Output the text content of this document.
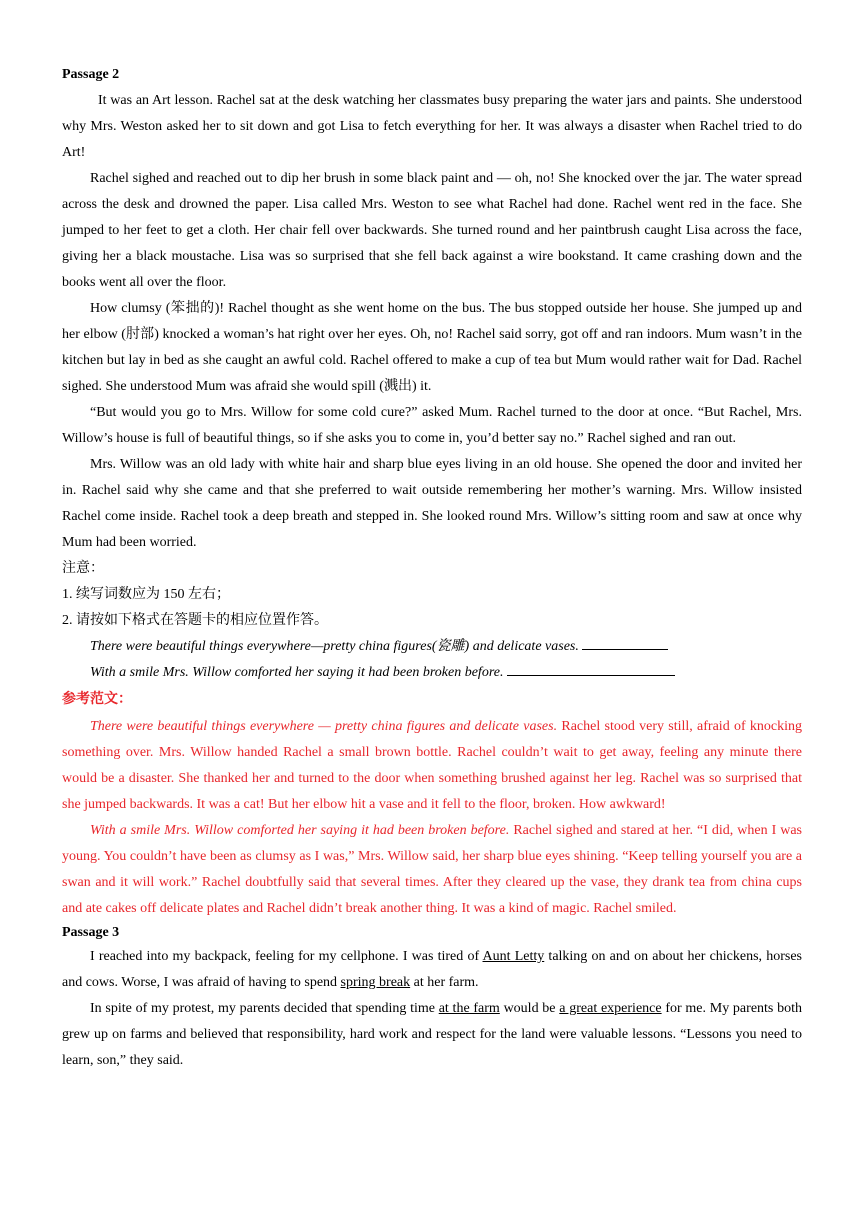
Passage 2

It was an Art lesson. Rachel sat at the desk watching her classmates busy preparing the water jars and paints. She understood why Mrs. Weston asked her to sit down and got Lisa to fetch everything for her. It was always a disaster when Rachel tried to do Art!

Rachel sighed and reached out to dip her brush in some black paint and — oh, no! She knocked over the jar. The water spread across the desk and drowned the paper. Lisa called Mrs. Weston to see what Rachel had done. Rachel went red in the face. She jumped to her feet to get a cloth. Her chair fell over backwards. She turned round and her paintbrush caught Lisa across the face, giving her a black moustache. Lisa was so surprised that she fell back against a wire bookstand. It came crashing down and the books went all over the floor.

How clumsy (笨拙的)! Rachel thought as she went home on the bus. The bus stopped outside her house. She jumped up and her elbow (肘部) knocked a woman’s hat right over her eyes. Oh, no! Rachel said sorry, got off and ran indoors. Mum wasn’t in the kitchen but lay in bed as she caught an awful cold. Rachel offered to make a cup of tea but Mum would rather wait for Dad. Rachel sighed. She understood Mum was afraid she would spill (溅出) it.

“But would you go to Mrs. Willow for some cold cure?” asked Mum. Rachel turned to the door at once. “But Rachel, Mrs. Willow’s house is full of beautiful things, so if she asks you to come in, you’d better say no.” Rachel sighed and ran out.

Mrs. Willow was an old lady with white hair and sharp blue eyes living in an old house. She opened the door and invited her in. Rachel said why she came and that she preferred to wait outside remembering her mother’s warning. Mrs. Willow insisted Rachel come inside. Rachel took a deep breath and stepped in. She looked round Mrs. Willow’s sitting room and saw at once why Mum had been worried.

注意：
1. 续写词数应为 150 左右；
2. 请按如下格式在答题卡的相应位置作答。
There were beautiful things everywhere—pretty china figures(瓷雕) and delicate vases.
With a smile Mrs. Willow comforted her saying it had been broken before.
参考范文：

There were beautiful things everywhere — pretty china figures and delicate vases. Rachel stood very still, afraid of knocking something over. Mrs. Willow handed Rachel a small brown bottle. Rachel couldn’t wait to get away, feeling any minute there would be a disaster. She thanked her and turned to the door when something brushed against her leg. Rachel was so surprised that she jumped backwards. It was a cat! But her elbow hit a vase and it fell to the floor, broken. How awkward!

With a smile Mrs. Willow comforted her saying it had been broken before. Rachel sighed and stared at her. “I did, when I was young. You couldn’t have been as clumsy as I was,” Mrs. Willow said, her sharp blue eyes shining. “Keep telling yourself you are a swan and it will work.” Rachel doubtfully said that several times. After they cleared up the vase, they drank tea from china cups and ate cakes off delicate plates and Rachel didn’t break another thing. It was a kind of magic. Rachel smiled.

Passage 3

I reached into my backpack, feeling for my cellphone. I was tired of Aunt Letty talking on and on about her chickens, horses and cows. Worse, I was afraid of having to spend spring break at her farm.

In spite of my protest, my parents decided that spending time at the farm would be a great experience for me. My parents both grew up on farms and believed that responsibility, hard work and respect for the land were valuable lessons. “Lessons you need to learn, son,” they said.
